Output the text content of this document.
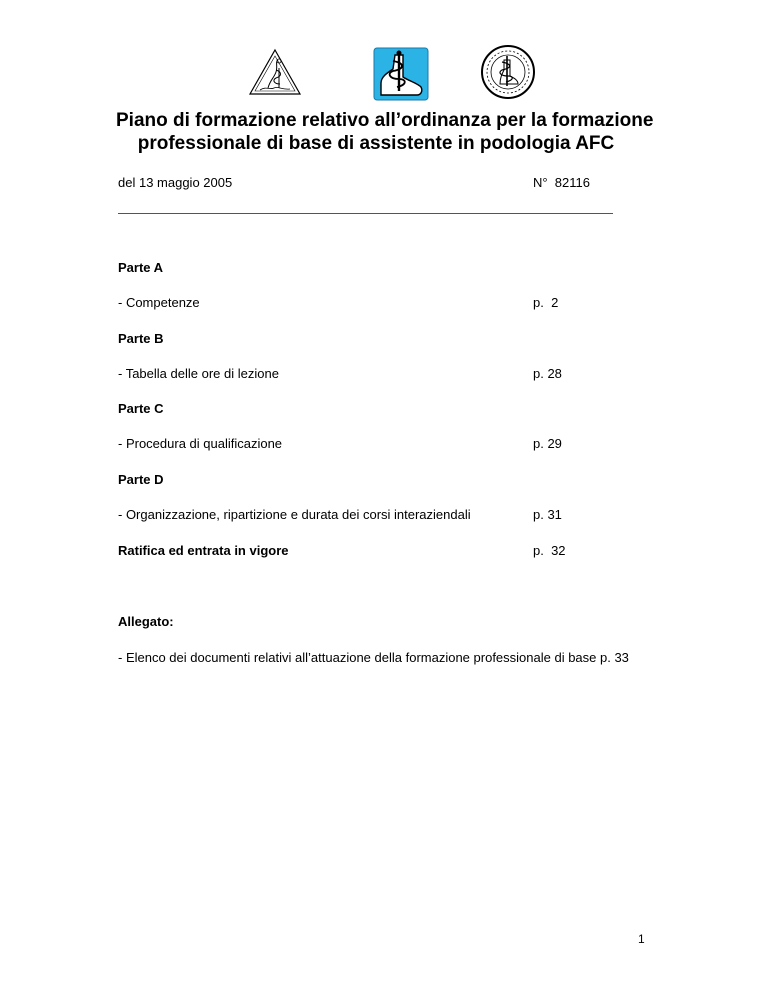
Piano di formazione relativo all’ordinanza per la formazione
professionale di base di assistente in podologia AFC
del 13 maggio 2005	N°  82116
Parte A
- Competenze	p.  2
Parte B
- Tabella delle ore di lezione	p. 28
Parte C
- Procedura di qualificazione	p. 29
Parte D
- Organizzazione, ripartizione e durata dei corsi interaziendali	p. 31
Ratifica ed entrata in vigore	p.  32
Allegato:
- Elenco dei documenti relativi all’attuazione della formazione professionale di base p. 33
1
